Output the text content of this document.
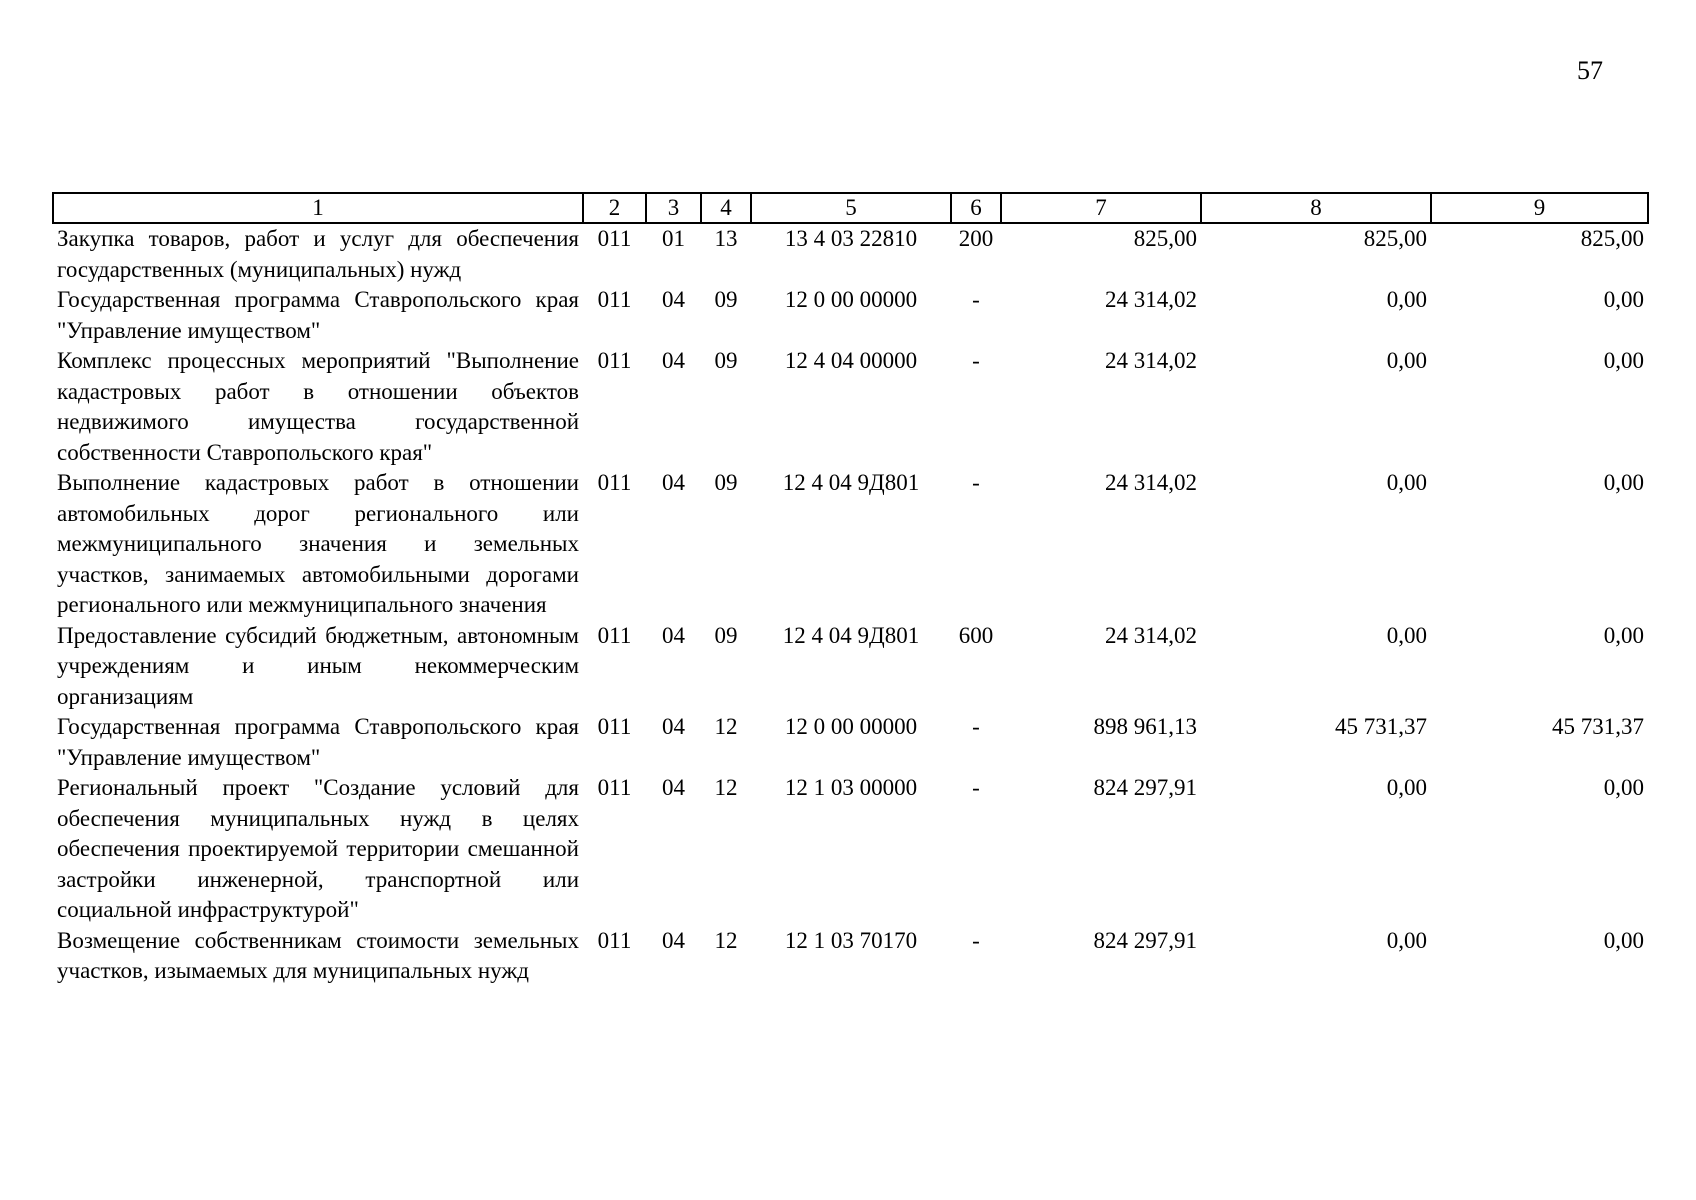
57
1	2	3	4	5	6	7	8	9
Закупка товаров, работ и услуг для обеспечения государственных (муниципальных) нужд	011	01	13	13 4 03 22810	200	825,00	825,00	825,00
Государственная программа Ставропольского края "Управление имуществом"	011	04	09	12 0 00 00000	-	24 314,02	0,00	0,00
Комплекс процессных мероприятий "Выполнение кадастровых работ в отношении объектов недвижимого имущества государственной собственности Ставропольского края"	011	04	09	12 4 04 00000	-	24 314,02	0,00	0,00
Выполнение кадастровых работ в отношении автомобильных дорог регионального или межмуниципального значения и земельных участков, занимаемых автомобильными дорогами регионального или межмуниципального значения	011	04	09	12 4 04 9Д801	-	24 314,02	0,00	0,00
Предоставление субсидий бюджетным, автономным учреждениям и иным некоммерческим организациям	011	04	09	12 4 04 9Д801	600	24 314,02	0,00	0,00
Государственная программа Ставропольского края "Управление имуществом"	011	04	12	12 0 00 00000	-	898 961,13	45 731,37	45 731,37
Региональный проект "Создание условий для обеспечения муниципальных нужд в целях обеспечения проектируемой территории смешанной застройки инженерной, транспортной или социальной инфраструктурой"	011	04	12	12 1 03 00000	-	824 297,91	0,00	0,00
Возмещение собственникам стоимости земельных участков, изымаемых для муниципальных нужд	011	04	12	12 1 03 70170	-	824 297,91	0,00	0,00
